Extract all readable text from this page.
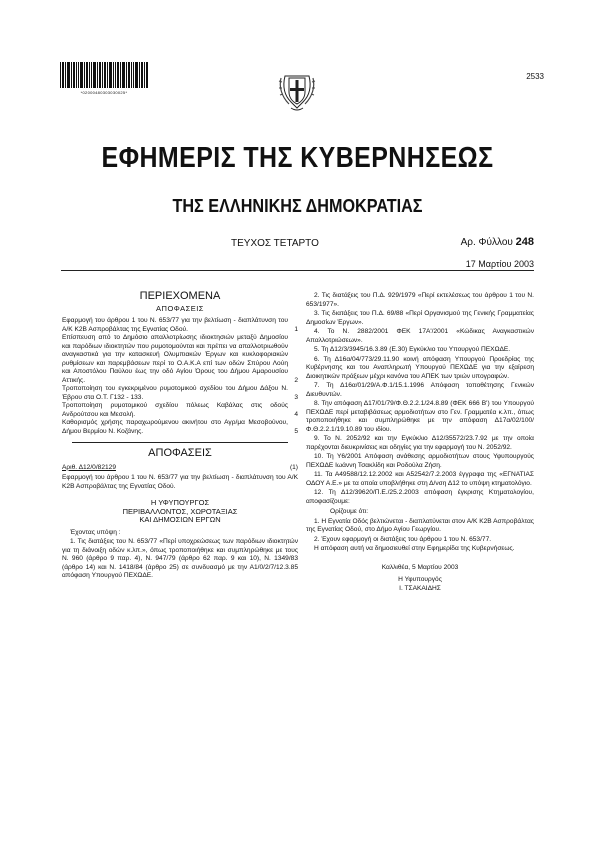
*02000480303030025*
2533
ΕΦΗΜΕΡΙΣ ΤΗΣ ΚΥΒΕΡΝΗΣΕΩΣ
ΤΗΣ ΕΛΛΗΝΙΚΗΣ ΔΗΜΟΚΡΑΤΙΑΣ
ΤΕΥΧΟΣ ΤΕΤΑΡΤΟ	Αρ. Φύλλου 248
17 Μαρτίου 2003
ΠΕΡΙΕΧΟΜΕΝΑ
ΑΠΟΦΑΣΕΙΣ
Εφαρμογή του άρθρου 1 του Ν. 653/77 για την βελτίωση - διαπλάτυνση του Α/Κ Κ2Β Ασπροβάλτας της Εγνατίας Οδού.	1
Επίσπευση από το Δημόσιο απαλλοτρίωσης ιδιοκτησιών μεταξύ Δημοσίου και παρόδιων ιδιοκτητών που ρυμοτομούνται και πρέπει να απαλλοτριωθούν αναγκαστικά για την κατασκευή Ολυμπιακών Έργων και κυκλοφοριακών ρυθμίσεων και παρεμβάσεων περί το Ο.Α.Κ.Α επί των οδών Σπύρου Λούη και Αποστόλου Παύλου έως την οδό Αγίου Όρους του Δήμου Αμαρουσίου Αττικής.	2
Τροποποίηση του εγκεκριμένου ρυμοτομικού σχεδίου του Δήμου Δάξου Ν. Έβρου στα Ο.Τ. Γ132 - 133.	3
Τροποποίηση ρυμοτομικού σχεδίου πόλεως Καβάλας στις οδούς Ανδρούτσου και Μεσολή.	4
Καθορισμός χρήσης παραχωρούμενου ακινήτου στο Αγρ/μα Μεσοβούνου, Δήμου Βερμίου Ν. Κοζάνης.	5
ΑΠΟΦΑΣΕΙΣ
Αριθ. Δ12/0/82129	(1)

Εφαρμογή του άρθρου 1 του Ν. 653/77 για την βελτίωση - διαπλάτυνση του Α/Κ Κ2Β Ασπροβάλτας της Εγνατίας Οδού.

Η ΥΦΥΠΟΥΡΓΟΣ
ΠΕΡΙΒΑΛΛΟΝΤΟΣ, ΧΩΡΟΤΑΞΙΑΣ
ΚΑΙ ΔΗΜΟΣΙΩΝ ΕΡΓΩΝ

Έχοντας υπόψη :

1. Τις διατάξεις του Ν. 653/77 «Περί υποχρεώσεως των παρόδιων ιδιοκτητών για τη διάνοιξη οδών κ.λπ.», όπως τροποποιήθηκε και συμπληρώθηκε με τους Ν. 960 (άρθρο 9 παρ. 4), Ν. 947/79 (άρθρο 62 παρ. 9 και 10), Ν. 1349/83 (άρθρο 14) και Ν. 1418/84 (άρθρο 25) σε συνδυασμό με την Α1/0/2/7/12.3.85 απόφαση Υπουργού ΠΕΧΩΔΕ.

2. Τις διατάξεις του Π.Δ. 929/1979 «Περί εκτελέσεως του άρθρου 1 του Ν. 653/1977».

3. Τις διατάξεις του Π.Δ. 69/88 «Περί Οργανισμού της Γενικής Γραμματείας Δημοσίων Έργων».

4. Το Ν. 2882/2001 ΦΕΚ 17Α'/2001 «Κώδικας Αναγκαστικών Απαλλοτριώσεων».

5. Τη Δ12/3/3945/16.3.89 (Ε.30) Εγκύκλιο του Υπουργού ΠΕΧΩΔΕ.

6. Τη Δ16α/04/773/29.11.90 κοινή απόφαση Υπουργού Προεδρίας της Κυβέρνησης και του Αναπληρωτή Υπουργού ΠΕΧΩΔΕ για την εξαίρεση Διοικητικών πράξεων μέχρι κανόνα του ΑΠΕΚ των τριών υπογραφών.

7. Τη Δ16α/01/29/Α.Φ.1/15.1.1996 Απόφαση τοποθέτησης Γενικών Διευθυντών.

8. Την απόφαση Δ17/01/79/Φ.Θ.2.2.1/24.8.89 (ΦΕΚ 666 Β') του Υπουργού ΠΕΧΩΔΕ περί μεταβιβάσεως αρμοδιοτήτων στο Γεν. Γραμματέα κ.λπ., όπως τροποποιήθηκε και συμπληρώθηκε με την απόφαση Δ17α/02/100/Φ.Θ.2.2.1/19.10.89 του ιδίου.

9. Το Ν. 2052/92 και την Εγκύκλιο Δ12/35572/23.7.92 με την οποία παρέχονται διευκρινίσεις και οδηγίες για την εφαρμογή του Ν. 2052/92.

10. Τη Υ6/2001 Απόφαση ανάθεσης αρμοδιοτήτων στους Υφυπουργούς ΠΕΧΩΔΕ Ιωάννη Τσακλίδη και Ροδούλα Ζήση.

11. Τα Α49588/12.12.2002 και Α52542/7.2.2003 έγγραφα της «ΕΓΝΑΤΙΑΣ ΟΔΟΥ Α.Ε.» με τα οποία υποβλήθηκε στη Δ/νση Δ12 το υπόψη κτηματολόγιο.

12. Τη Δ12/39620/Π.Ε./25.2.2003 απόφαση έγκρισης Κτηματολογίου, αποφασίζουμε:

Ορίζουμε ότι:

1. Η Εγνατία Οδός βελτιώνεται - διαπλατύνεται στον Α/Κ Κ2Β Ασπροβάλτας της Εγνατίας Οδού, στο Δήμο Αγίου Γεωργίου.

2. Έχουν εφαρμογή οι διατάξεις του άρθρου 1 του Ν. 653/77.

Η απόφαση αυτή να δημοσιευθεί στην Εφημερίδα της Κυβερνήσεως.

Καλλιθέα, 5 Μαρτίου 2003
Η Υφυπουργός
Ι. ΤΣΑΚΑΙΔΗΣ
